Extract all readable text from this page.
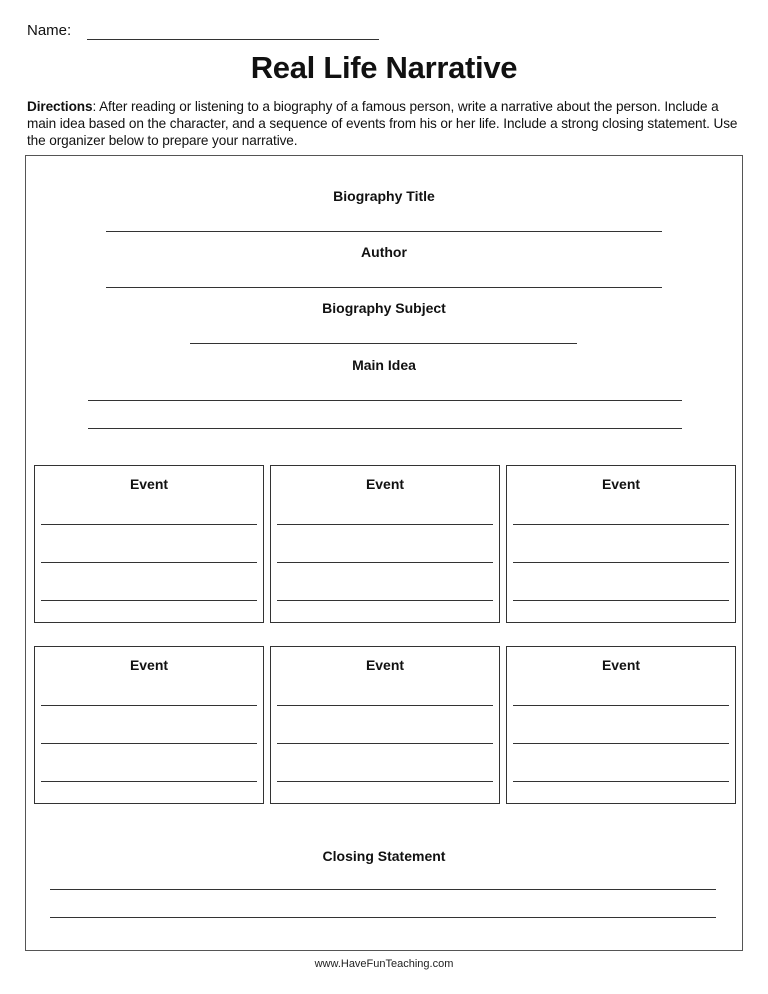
Name:
Real Life Narrative
Directions: After reading or listening to a biography of a famous person, write a narrative about the person. Include a main idea based on the character, and a sequence of events from his or her life. Include a strong closing statement. Use the organizer below to prepare your narrative.
Biography Title
Author
Biography Subject
Main Idea
Event	Event	Event
Event	Event	Event
Closing Statement
www.HaveFunTeaching.com
